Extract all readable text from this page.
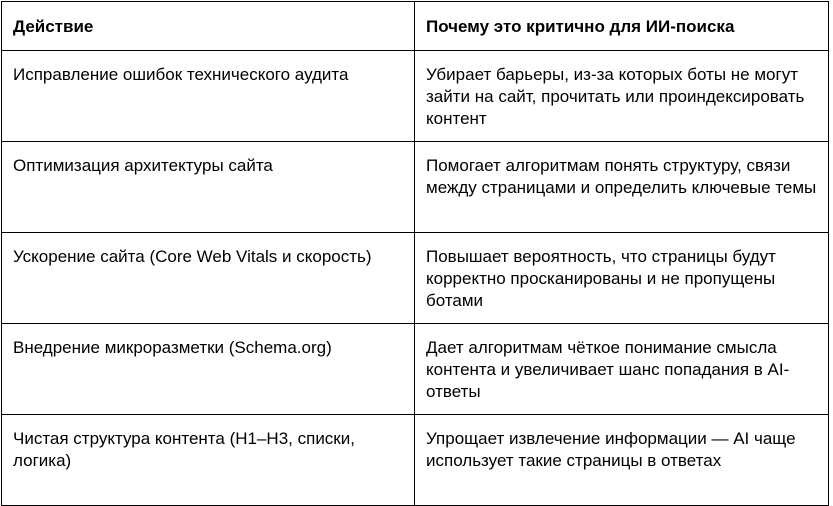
Действие	Почему это критично для ИИ-поиска
Исправление ошибок технического аудита	Убирает барьеры, из-за которых боты не могут зайти на сайт, прочитать или проиндексировать контент
Оптимизация архитектуры сайта	Помогает алгоритмам понять структуру, связи между страницами и определить ключевые темы
Ускорение сайта (Core Web Vitals и скорость)	Повышает вероятность, что страницы будут корректно просканированы и не пропущены ботами
Внедрение микроразметки (Schema.org)	Дает алгоритмам чёткое понимание смысла контента и увеличивает шанс попадания в AI-ответы
Чистая структура контента (H1–H3, списки, логика)	Упрощает извлечение информации — AI чаще использует такие страницы в ответах
